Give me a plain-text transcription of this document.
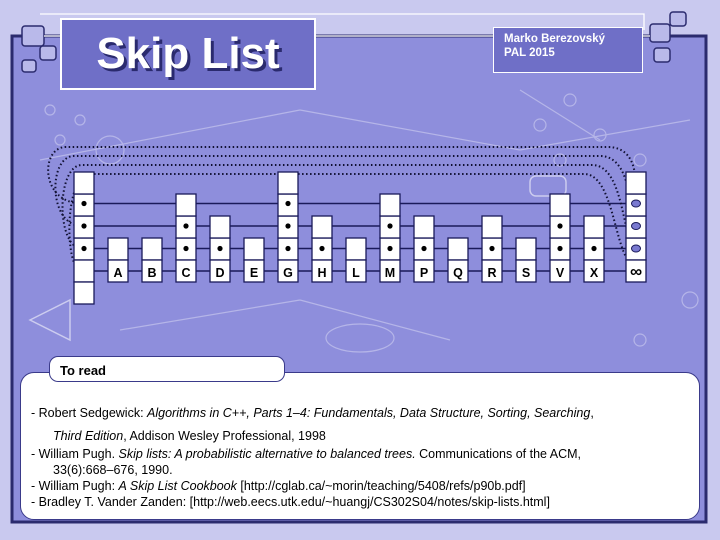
Skip List	Marko Berezovský
PAL 2015
A B C D E G H L M P Q R S V X ∞
To read
- Robert Sedgewick: Algorithms in C++, Parts 1–4: Fundamentals, Data Structure, Sorting, Searching,
Third Edition, Addison Wesley Professional, 1998
- William Pugh. Skip lists: A probabilistic alternative to balanced trees. Communications of the ACM,
33(6):668–676, 1990.
- William Pugh: A Skip List Cookbook [http://cglab.ca/~morin/teaching/5408/refs/p90b.pdf]
- Bradley T. Vander Zanden: [http://web.eecs.utk.edu/~huangj/CS302S04/notes/skip-lists.html]
